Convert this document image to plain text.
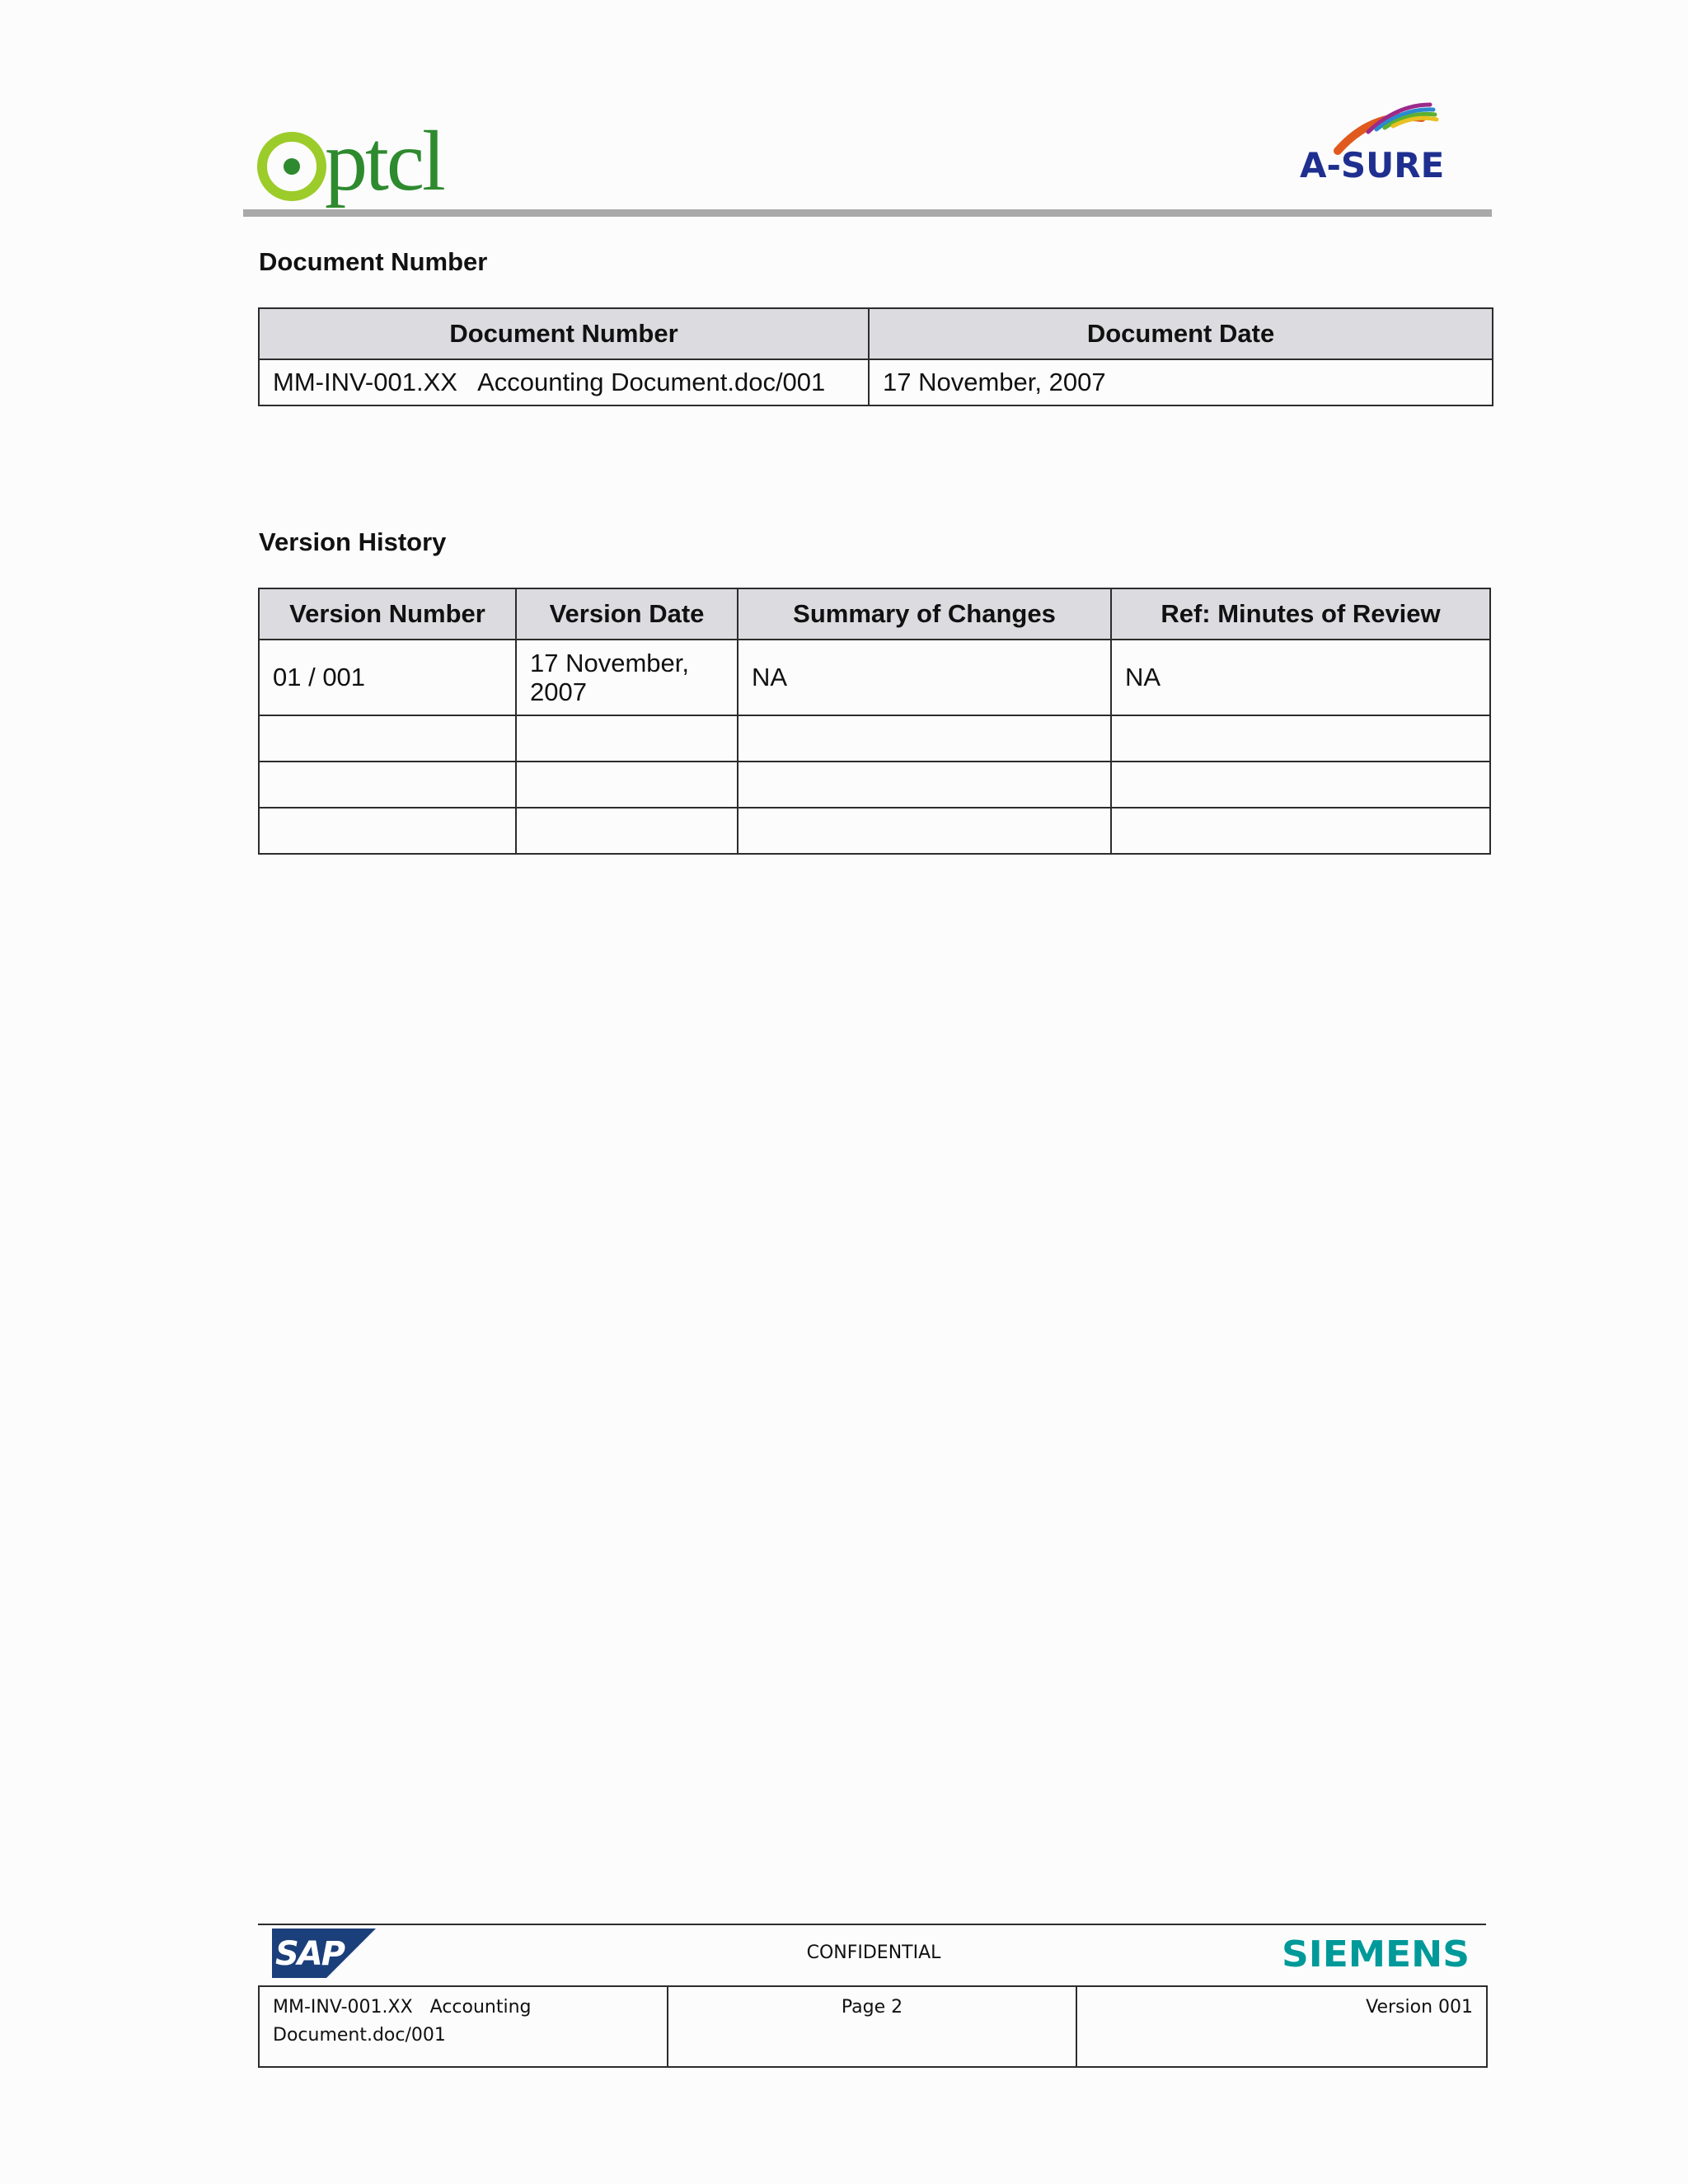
ptcl	A-SURE
Document Number
Document Number	Document Date
MM-INV-001.XX   Accounting Document.doc/001	17 November, 2007
Version History
Version Number	Version Date	Summary of Changes	Ref: Minutes of Review
01 / 001	17 November, 2007	NA	NA

SAP	CONFIDENTIAL	SIEMENS
MM-INV-001.XX   Accounting Document.doc/001	Page 2	Version 001
